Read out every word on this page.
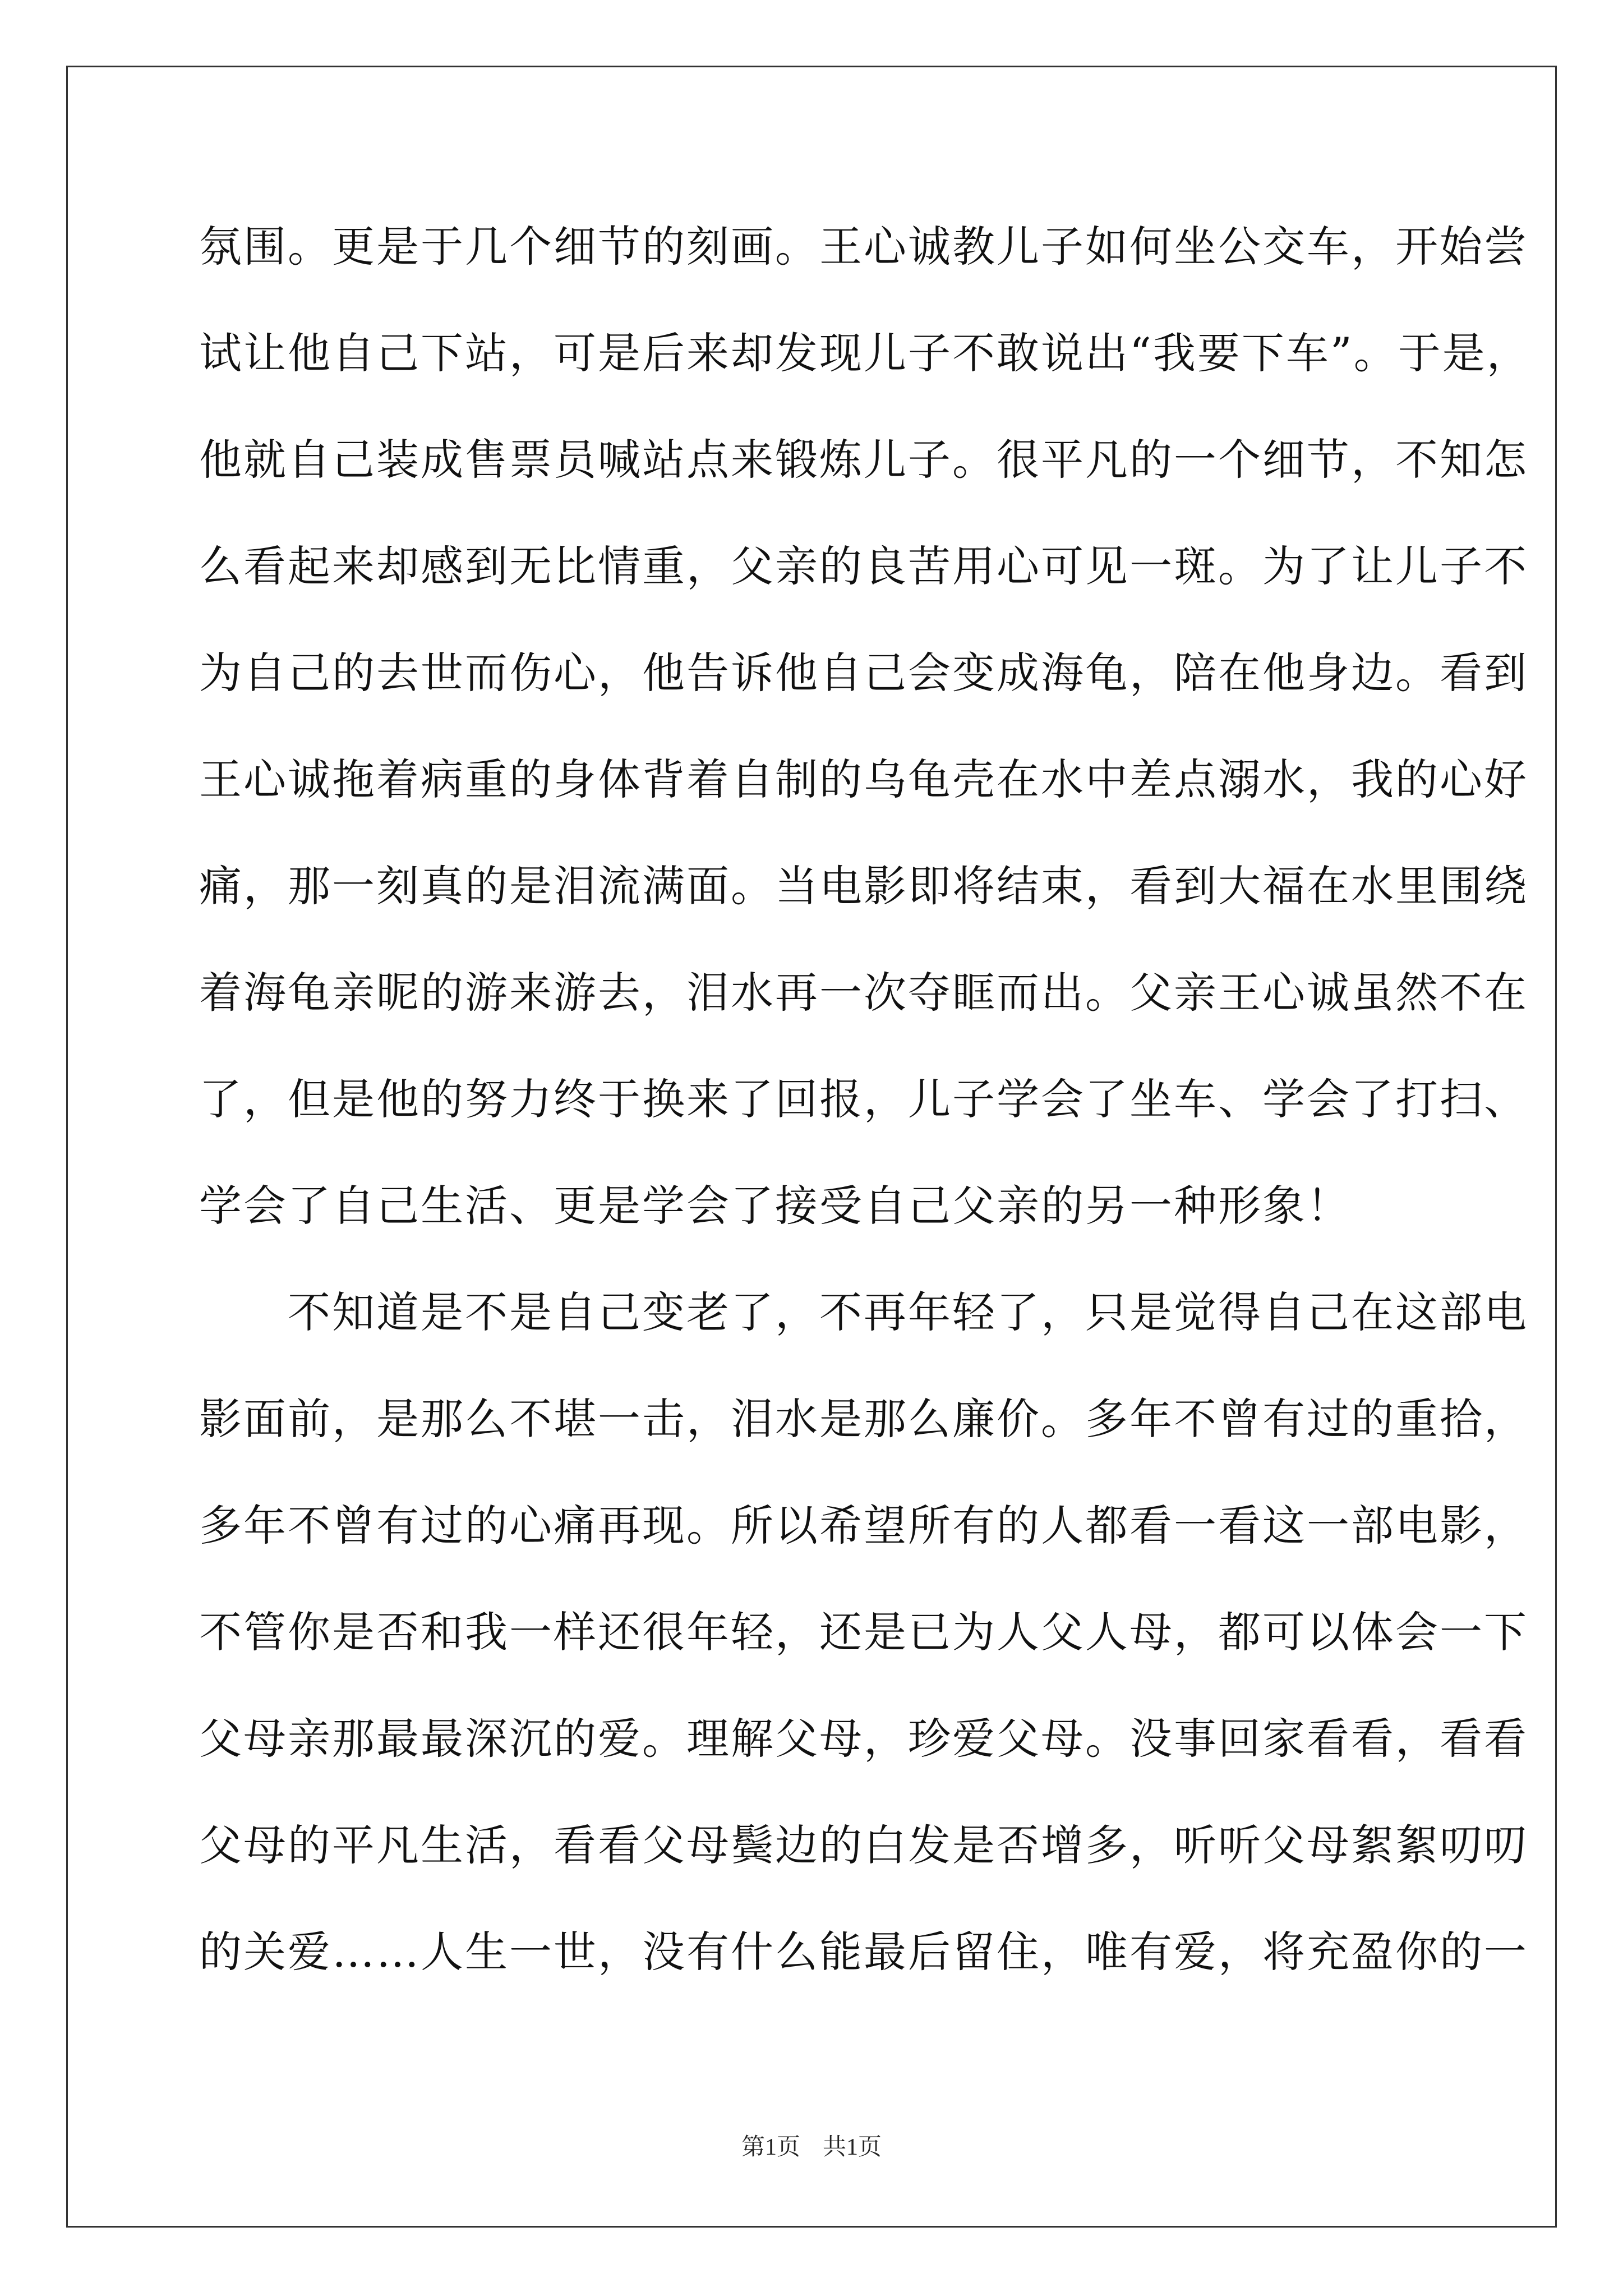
氛围。更是于几个细节的刻画。王心诚教儿子如何坐公交车，开始尝
试让他自己下站，可是后来却发现儿子不敢说出“我要下车”。于是，
他就自己装成售票员喊站点来锻炼儿子。很平凡的一个细节，不知怎
么看起来却感到无比情重，父亲的良苦用心可见一斑。为了让儿子不
为自己的去世而伤心，他告诉他自己会变成海龟，陪在他身边。看到
王心诚拖着病重的身体背着自制的乌龟壳在水中差点溺水，我的心好
痛，那一刻真的是泪流满面。当电影即将结束，看到大福在水里围绕
着海龟亲昵的游来游去，泪水再一次夺眶而出。父亲王心诚虽然不在
了，但是他的努力终于换来了回报，儿子学会了坐车、学会了打扫、
学会了自己生活、更是学会了接受自己父亲的另一种形象！
　　不知道是不是自己变老了，不再年轻了，只是觉得自己在这部电
影面前，是那么不堪一击，泪水是那么廉价。多年不曾有过的重拾，
多年不曾有过的心痛再现。所以希望所有的人都看一看这一部电影，
不管你是否和我一样还很年轻，还是已为人父人母，都可以体会一下
父母亲那最最深沉的爱。理解父母，珍爱父母。没事回家看看，看看
父母的平凡生活，看看父母鬓边的白发是否增多，听听父母絮絮叨叨
的关爱……人生一世，没有什么能最后留住，唯有爱，将充盈你的一
第1页 共1页
